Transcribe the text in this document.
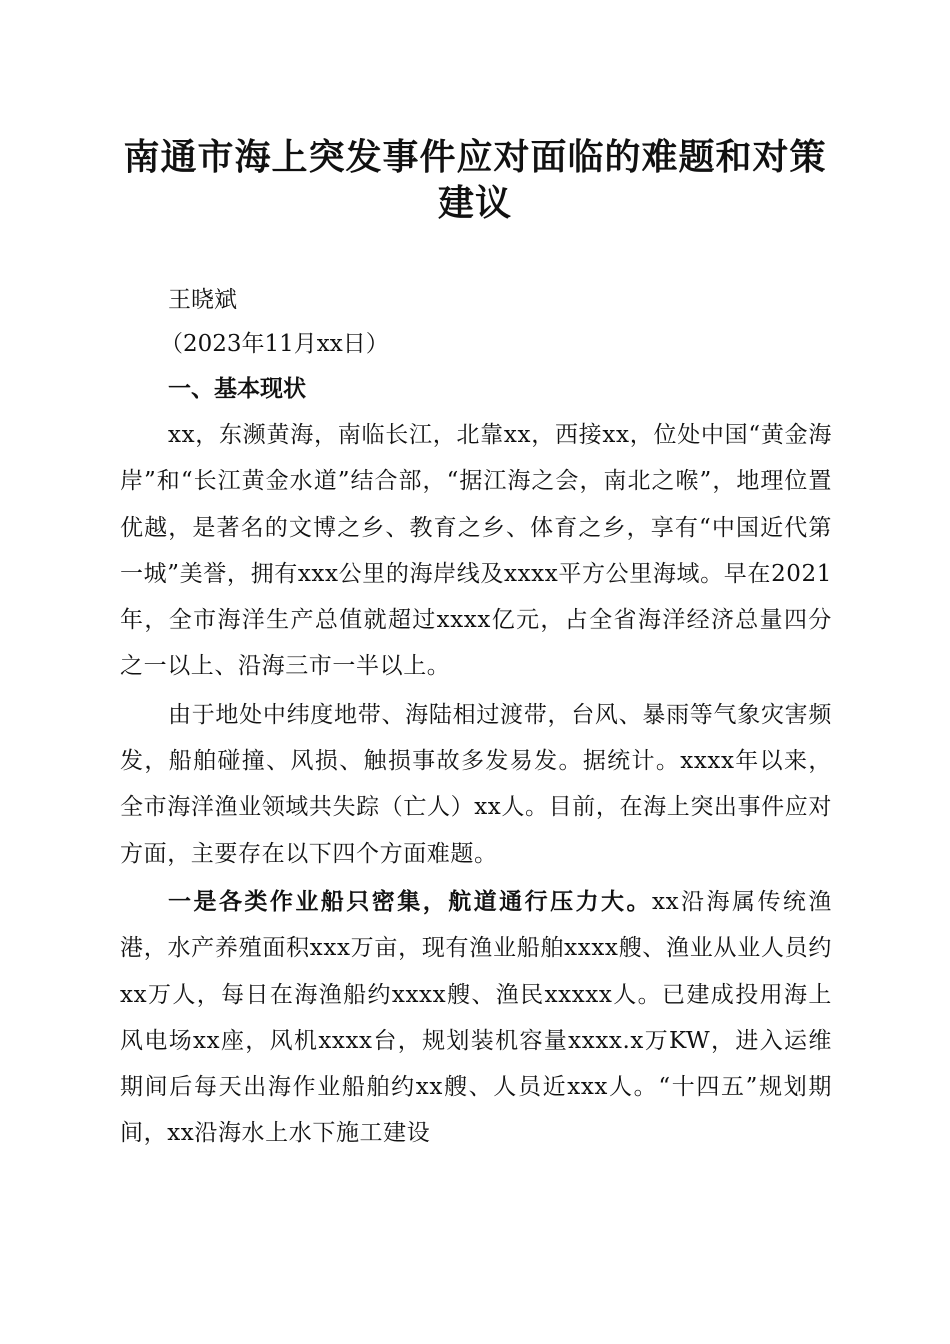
南通市海上突发事件应对面临的难题和对策建议

王晓斌

（2023年11月xx日）

一、基本现状

xx，东濒黄海，南临长江，北靠xx，西接xx，位处中国“黄金海岸”和“长江黄金水道”结合部，“据江海之会，南北之喉”，地理位置优越，是著名的文博之乡、教育之乡、体育之乡，享有“中国近代第一城”美誉，拥有xxx公里的海岸线及xxxx平方公里海域。早在2021年，全市海洋生产总值就超过xxxx亿元，占全省海洋经济总量四分之一以上、沿海三市一半以上。

由于地处中纬度地带、海陆相过渡带，台风、暴雨等气象灾害频发，船舶碰撞、风损、触损事故多发易发。据统计。xxxx年以来，全市海洋渔业领域共失踪（亡人）xx人。目前，在海上突出事件应对方面，主要存在以下四个方面难题。

一是各类作业船只密集，航道通行压力大。xx沿海属传统渔港，水产养殖面积xxx万亩，现有渔业船舶xxxx艘、渔业从业人员约xx万人，每日在海渔船约xxxx艘、渔民xxxxx人。已建成投用海上风电场xx座，风机xxxx台，规划装机容量xxxx.x万KW，进入运维期间后每天出海作业船舶约xx艘、人员近xxx人。“十四五”规划期间，xx沿海水上水下施工建设
